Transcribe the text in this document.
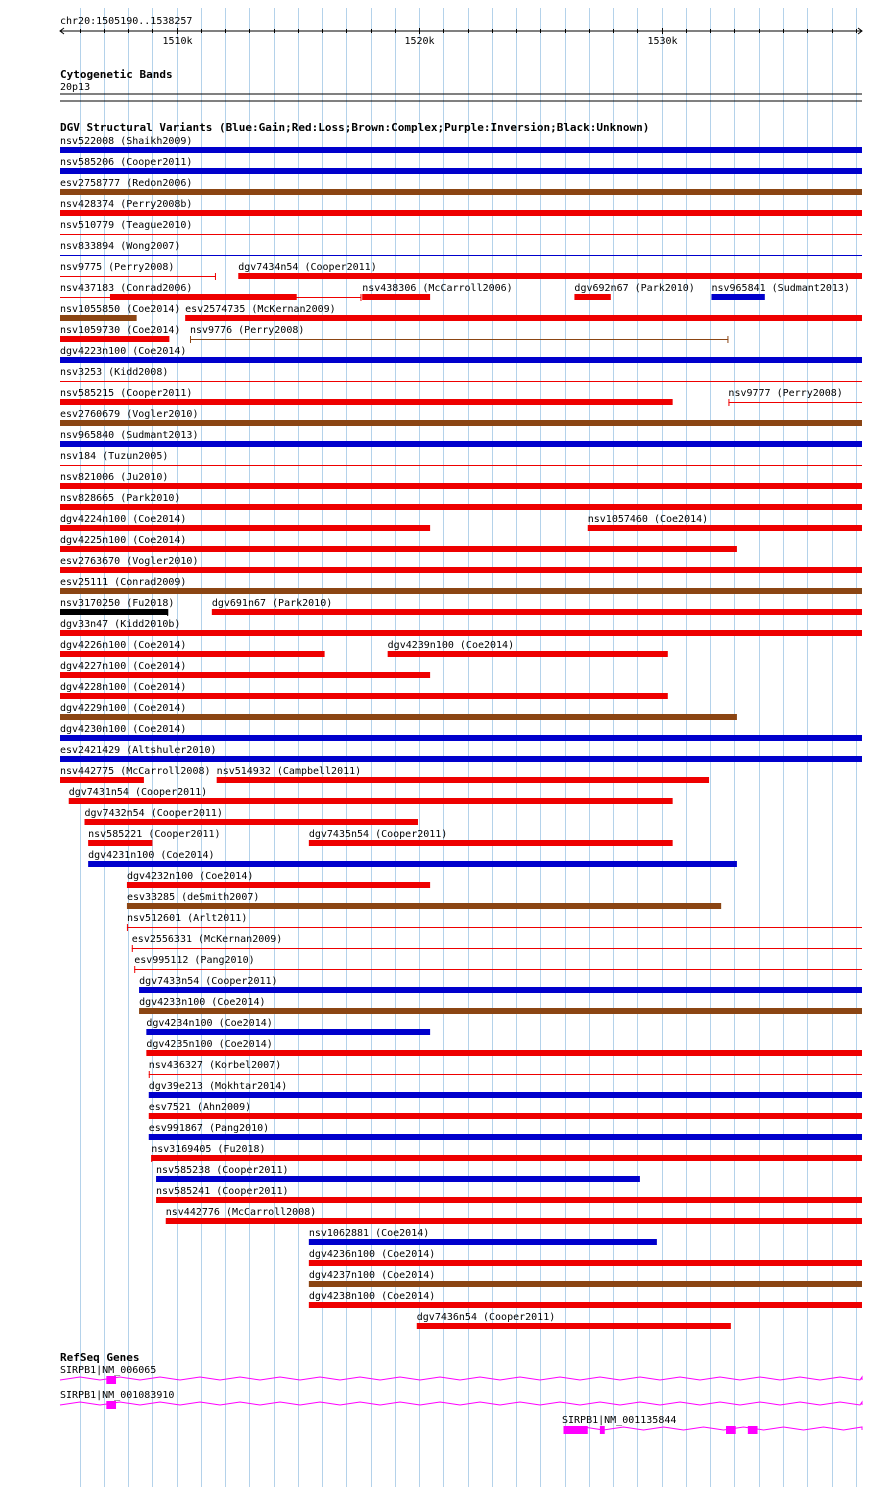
chr20:1505190..1538257
1510k	1520k	1530k
Cytogenetic Bands
20p13
DGV Structural Variants (Blue:Gain;Red:Loss;Brown:Complex;Purple:Inversion;Black:Unknown)
nsv522008 (Shaikh2009)
nsv585206 (Cooper2011)
esv2758777 (Redon2006)
nsv428374 (Perry2008b)
nsv510779 (Teague2010)
nsv833894 (Wong2007)
nsv9775 (Perry2008)	dgv7434n54 (Cooper2011)
nsv437183 (Conrad2006)	nsv438306 (McCarroll2006)	dgv692n67 (Park2010) nsv965841 (Sudmant2013)
nsv1055850 (Coe2014) esv2574735 (McKernan2009)
nsv1059730 (Coe2014) nsv9776 (Perry2008)
dgv4223n100 (Coe2014)
nsv3253 (Kidd2008)
nsv585215 (Cooper2011)	nsv9777 (Perry2008)
esv2760679 (Vogler2010)
nsv965840 (Sudmant2013)
nsv184 (Tuzun2005)
nsv821006 (Ju2010)
nsv828665 (Park2010)
dgv4224n100 (Coe2014)	nsv1057460 (Coe2014)
dgv4225n100 (Coe2014)
esv2763670 (Vogler2010)
esv25111 (Conrad2009)
nsv3170250 (Fu2018)	dgv691n67 (Park2010)
dgv33n47 (Kidd2010b)
dgv4226n100 (Coe2014)	dgv4239n100 (Coe2014)
dgv4227n100 (Coe2014)
dgv4228n100 (Coe2014)
dgv4229n100 (Coe2014)
dgv4230n100 (Coe2014)
esv2421429 (Altshuler2010)
nsv442775 (McCarroll2008) nsv514932 (Campbell2011)
dgv7431n54 (Cooper2011)
dgv7432n54 (Cooper2011)
nsv585221 (Cooper2011)	dgv7435n54 (Cooper2011)
dgv4231n100 (Coe2014)
dgv4232n100 (Coe2014)
esv33285 (deSmith2007)
nsv512601 (Arlt2011)
esv2556331 (McKernan2009)
esv995112 (Pang2010)
dgv7433n54 (Cooper2011)
dgv4233n100 (Coe2014)
dgv4234n100 (Coe2014)
dgv4235n100 (Coe2014)
nsv436327 (Korbel2007)
dgv39e213 (Mokhtar2014)
esv7521 (Ahn2009)
esv991867 (Pang2010)
nsv3169405 (Fu2018)
nsv585238 (Cooper2011)
nsv585241 (Cooper2011)
nsv442776 (McCarroll2008)
nsv1062881 (Coe2014)
dgv4236n100 (Coe2014)
dgv4237n100 (Coe2014)
dgv4238n100 (Coe2014)
dgv7436n54 (Cooper2011)
RefSeq Genes
SIRPB1|NM_006065
SIRPB1|NM_001083910
SIRPB1|NM_001135844
